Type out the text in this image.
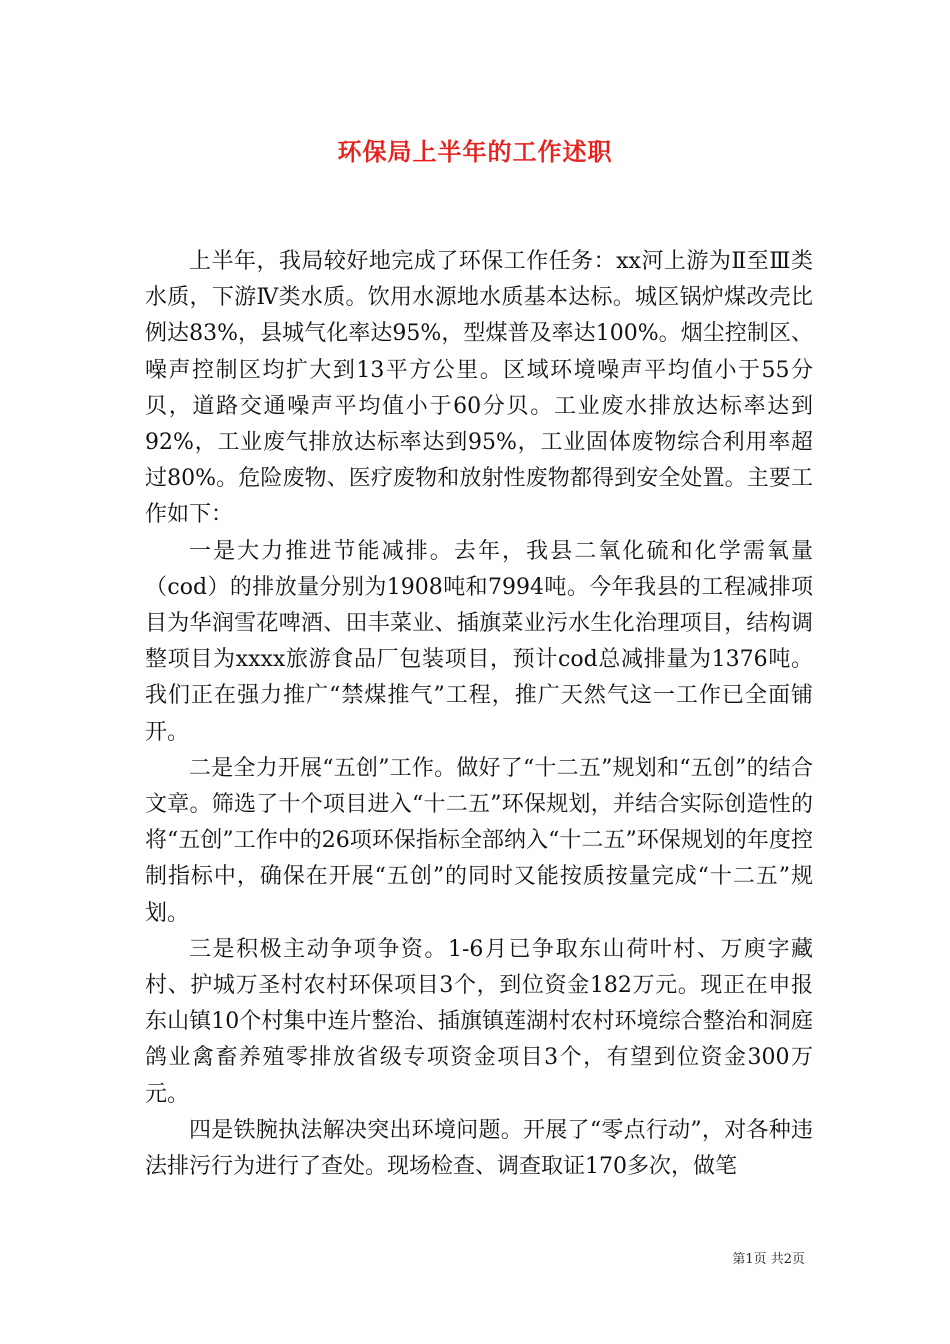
环保局上半年的工作述职

上半年，我局较好地完成了环保工作任务：xx河上游为Ⅱ至Ⅲ类水质，下游Ⅳ类水质。饮用水源地水质基本达标。城区锅炉煤改壳比例达83%，县城气化率达95%，型煤普及率达100%。烟尘控制区、噪声控制区均扩大到13平方公里。区域环境噪声平均值小于55分贝，道路交通噪声平均值小于60分贝。工业废水排放达标率达到92%，工业废气排放达标率达到95%，工业固体废物综合利用率超过80%。危险废物、医疗废物和放射性废物都得到安全处置。主要工作如下：

一是大力推进节能减排。去年，我县二氧化硫和化学需氧量（cod）的排放量分别为1908吨和7994吨。今年我县的工程减排项目为华润雪花啤酒、田丰菜业、插旗菜业污水生化治理项目，结构调整项目为xxxx旅游食品厂包装项目，预计cod总减排量为1376吨。我们正在强力推广“禁煤推气”工程，推广天然气这一工作已全面铺开。

二是全力开展“五创”工作。做好了“十二五”规划和“五创”的结合文章。筛选了十个项目进入“十二五”环保规划，并结合实际创造性的将“五创”工作中的26项环保指标全部纳入“十二五”环保规划的年度控制指标中，确保在开展“五创”的同时又能按质按量完成“十二五”规划。

三是积极主动争项争资。1-6月已争取东山荷叶村、万庾字藏村、护城万圣村农村环保项目3个，到位资金182万元。现正在申报东山镇10个村集中连片整治、插旗镇莲湖村农村环境综合整治和洞庭鸽业禽畜养殖零排放省级专项资金项目3个，有望到位资金300万元。

四是铁腕执法解决突出环境问题。开展了“零点行动”，对各种违法排污行为进行了查处。现场检查、调查取证170多次，做笔

第1页 共2页
